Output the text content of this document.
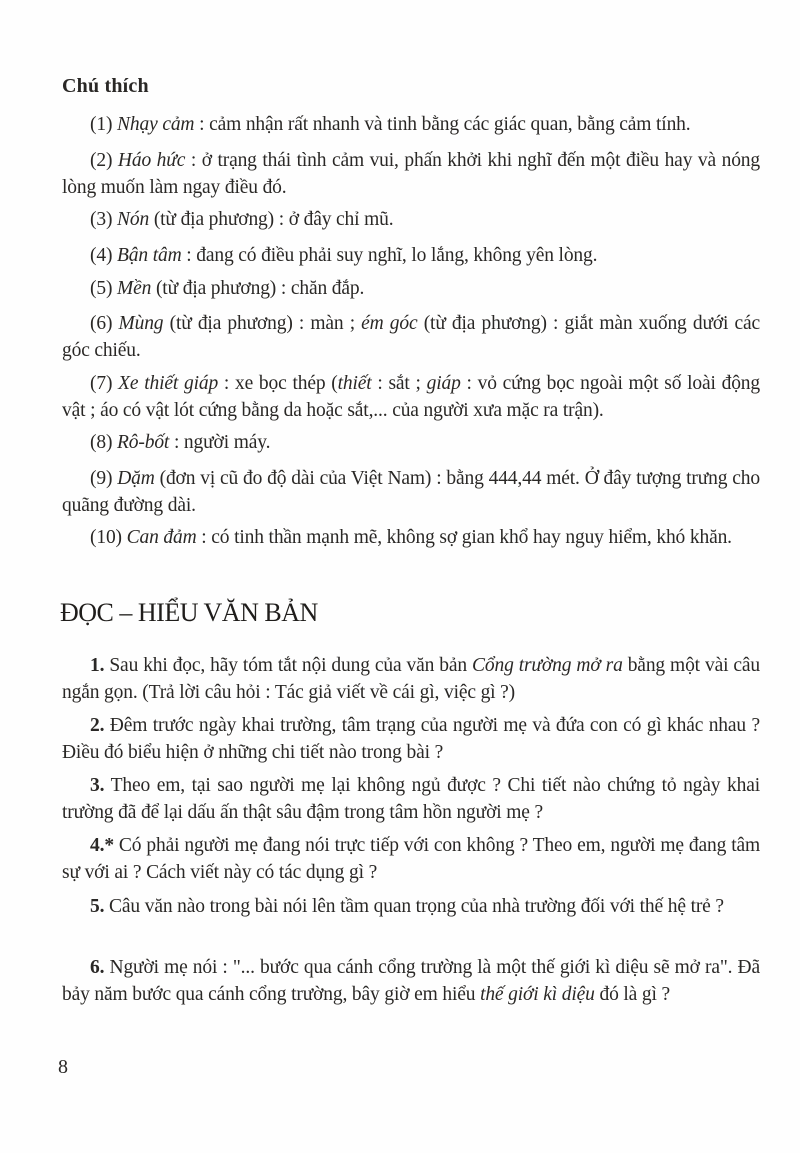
Chú thích
(1) Nhạy cảm : cảm nhận rất nhanh và tinh bằng các giác quan, bằng cảm tính.
(2) Háo hức : ở trạng thái tình cảm vui, phấn khởi khi nghĩ đến một điều hay và nóng lòng muốn làm ngay điều đó.
(3) Nón (từ địa phương) : ở đây chỉ mũ.
(4) Bận tâm : đang có điều phải suy nghĩ, lo lắng, không yên lòng.
(5) Mền (từ địa phương) : chăn đắp.
(6) Mùng (từ địa phương) : màn ; ém góc (từ địa phương) : giắt màn xuống dưới các góc chiếu.
(7) Xe thiết giáp : xe bọc thép (thiết : sắt ; giáp : vỏ cứng bọc ngoài một số loài động vật ; áo có vật lót cứng bằng da hoặc sắt,... của người xưa mặc ra trận).
(8) Rô-bốt : người máy.
(9) Dặm (đơn vị cũ đo độ dài của Việt Nam) : bằng 444,44 mét. Ở đây tượng trưng cho quãng đường dài.
(10) Can đảm : có tinh thần mạnh mẽ, không sợ gian khổ hay nguy hiểm, khó khăn.
ĐỌC – HIỂU VĂN BẢN
1. Sau khi đọc, hãy tóm tắt nội dung của văn bản Cổng trường mở ra bằng một vài câu ngắn gọn. (Trả lời câu hỏi : Tác giả viết về cái gì, việc gì ?)
2. Đêm trước ngày khai trường, tâm trạng của người mẹ và đứa con có gì khác nhau ? Điều đó biểu hiện ở những chi tiết nào trong bài ?
3. Theo em, tại sao người mẹ lại không ngủ được ? Chi tiết nào chứng tỏ ngày khai trường đã để lại dấu ấn thật sâu đậm trong tâm hồn người mẹ ?
4.* Có phải người mẹ đang nói trực tiếp với con không ? Theo em, người mẹ đang tâm sự với ai ? Cách viết này có tác dụng gì ?
5. Câu văn nào trong bài nói lên tầm quan trọng của nhà trường đối với thế hệ trẻ ?
6. Người mẹ nói : "... bước qua cánh cổng trường là một thế giới kì diệu sẽ mở ra". Đã bảy năm bước qua cánh cổng trường, bây giờ em hiểu thế giới kì diệu đó là gì ?
8
